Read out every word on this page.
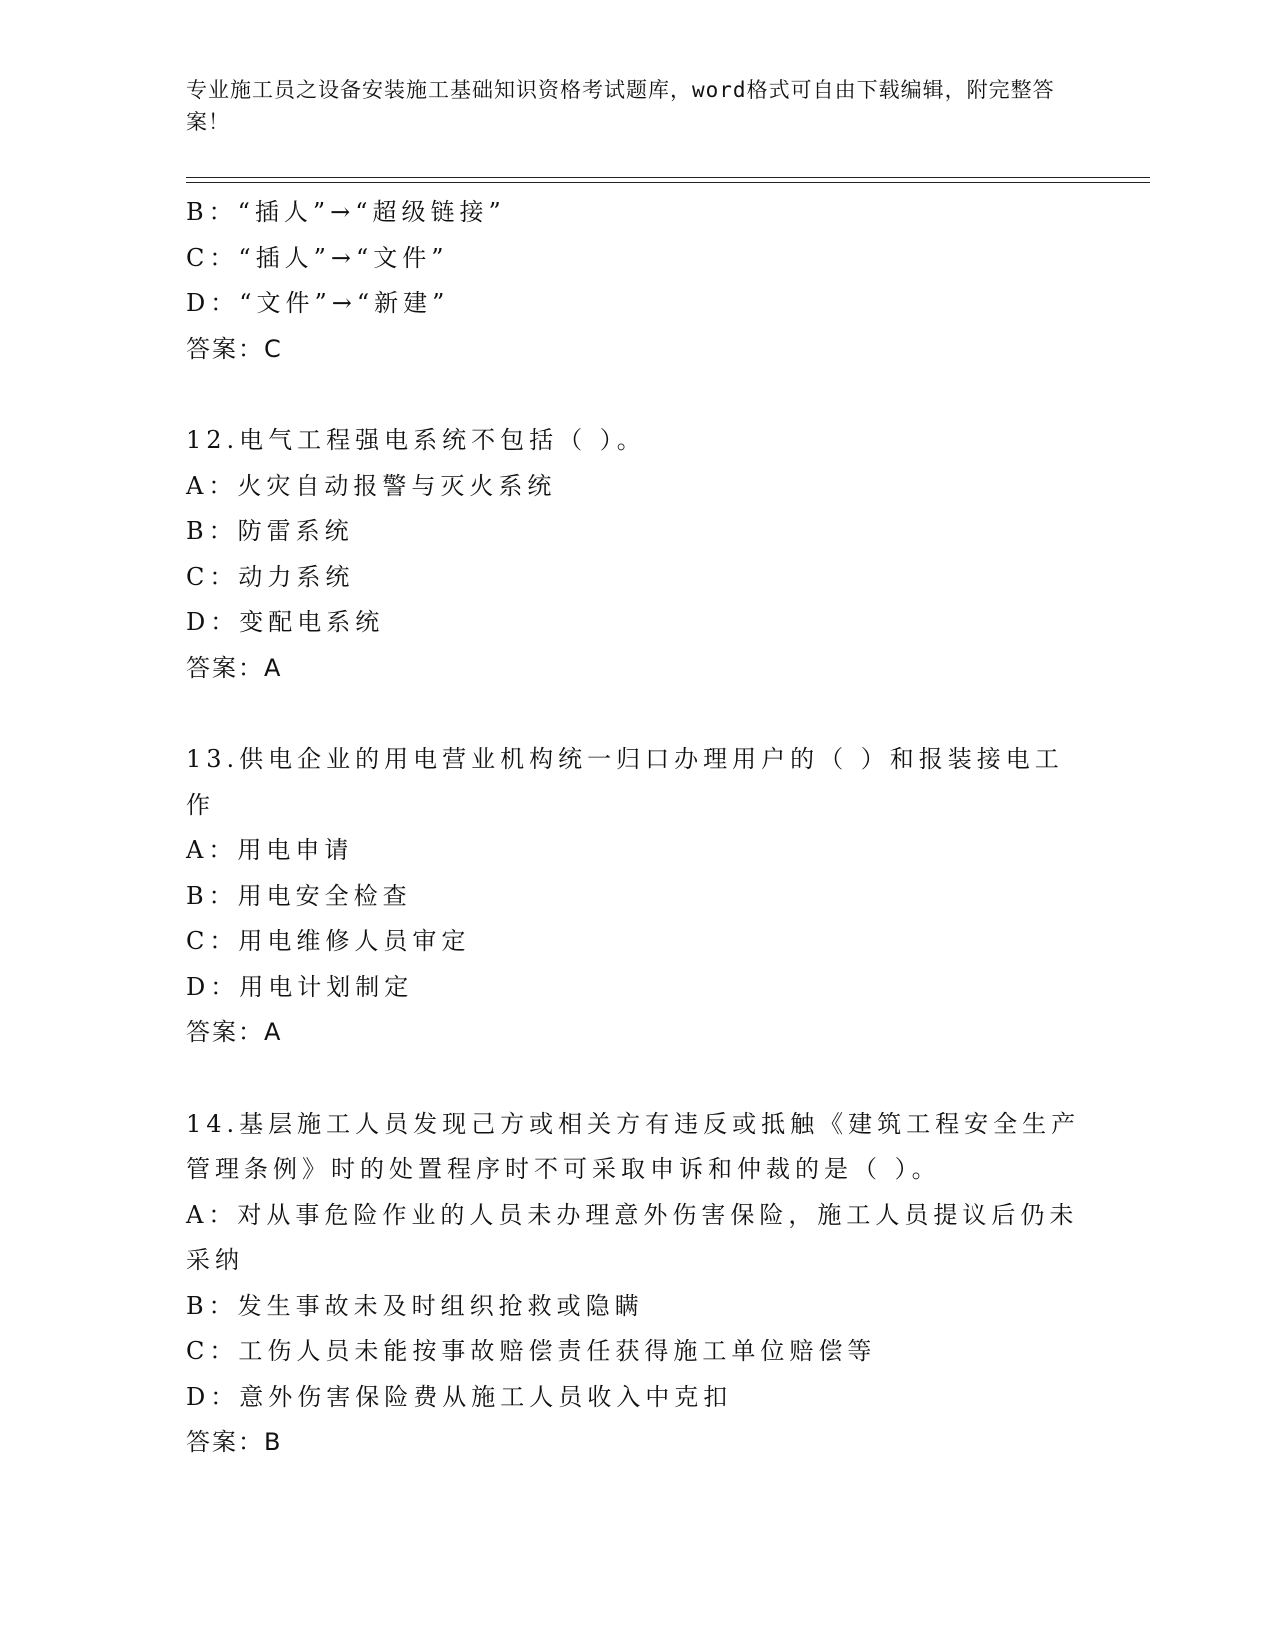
专业施工员之设备安装施工基础知识资格考试题库，word格式可自由下载编辑，附完整答案！
B：“插人”→“超级链接”
C：“插人”→“文件”
D：“文件”→“新建”
答案：C
12.电气工程强电系统不包括（ ）。
A：火灾自动报警与灭火系统
B：防雷系统
C：动力系统
D：变配电系统
答案：A
13.供电企业的用电营业机构统一归口办理用户的（ ）和报装接电工作
A：用电申请
B：用电安全检查
C：用电维修人员审定
D：用电计划制定
答案：A
14.基层施工人员发现己方或相关方有违反或抵触《建筑工程安全生产管理条例》时的处置程序时不可采取申诉和仲裁的是（ ）。
A：对从事危险作业的人员未办理意外伤害保险，施工人员提议后仍未采纳
B：发生事故未及时组织抢救或隐瞒
C：工伤人员未能按事故赔偿责任获得施工单位赔偿等
D：意外伤害保险费从施工人员收入中克扣
答案：B
